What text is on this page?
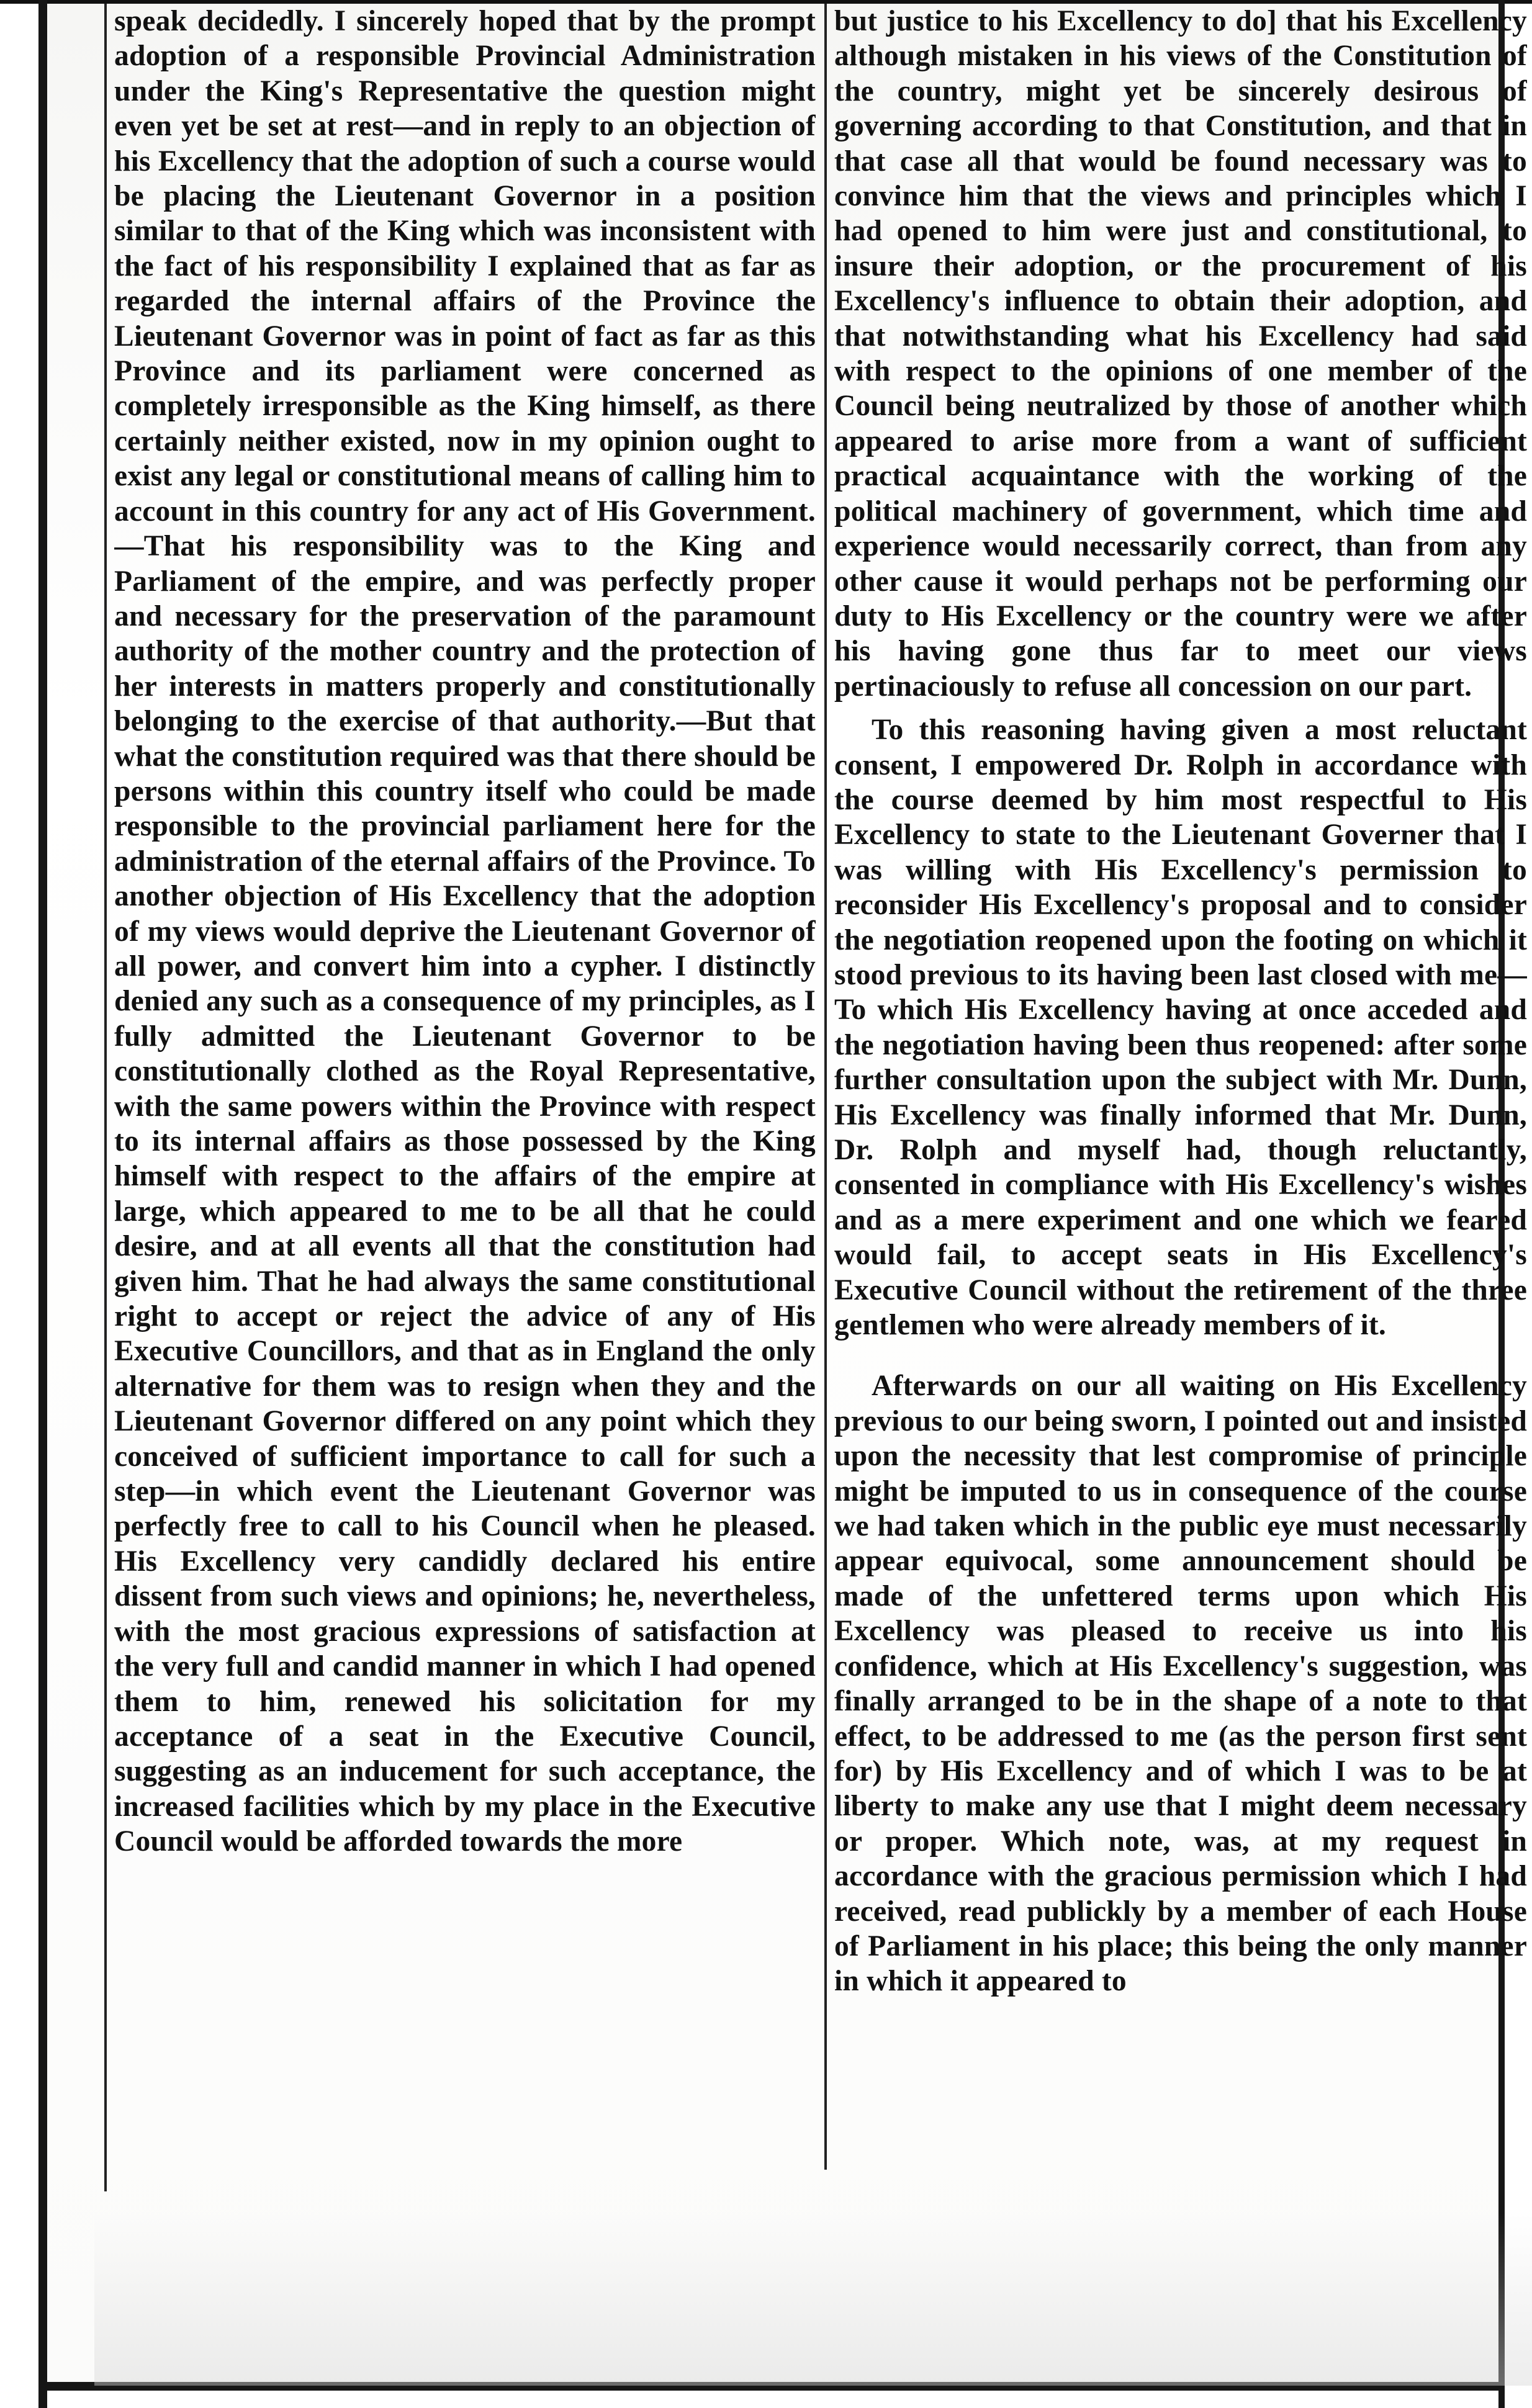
speak decidedly. I sincerely hoped that by the prompt adoption of a responsible Provincial Administration under the King's Representative the question might even yet be set at rest—and in reply to an objection of his Excellency that the adoption of such a course would be placing the Lieutenant Governor in a position similar to that of the King which was inconsistent with the fact of his responsibility I explained that as far as regarded the internal affairs of the Province the Lieutenant Governor was in point of fact as far as this Province and its parliament were concerned as completely irresponsible as the King himself, as there certainly neither existed, now in my opinion ought to exist any legal or constitutional means of calling him to account in this country for any act of His Government. —That his responsibility was to the King and Parliament of the empire, and was perfectly proper and necessary for the preservation of the paramount authority of the mother country and the protection of her interests in matters properly and constitutionally belonging to the exercise of that authority.—But that what the constitution required was that there should be persons within this country itself who could be made responsible to the provincial parliament here for the administration of the eternal affairs of the Province. To another objection of His Excellency that the adoption of my views would deprive the Lieutenant Governor of all power, and convert him into a cypher. I distinctly denied any such as a consequence of my principles, as I fully admitted the Lieutenant Governor to be constitutionally clothed as the Royal Representative, with the same powers within the Province with respect to its internal affairs as those possessed by the King himself with respect to the affairs of the empire at large, which appeared to me to be all that he could desire, and at all events all that the constitution had given him. That he had always the same constitutional right to accept or reject the advice of any of His Executive Councillors, and that as in England the only alternative for them was to resign when they and the Lieutenant Governor differed on any point which they conceived of sufficient importance to call for such a step—in which event the Lieutenant Governor was perfectly free to call to his Council when he pleased. His Excellency very candidly declared his entire dissent from such views and opinions; he, nevertheless, with the most gracious expressions of satisfaction at the very full and candid manner in which I had opened them to him, renewed his solicitation for my acceptance of a seat in the Executive Council, suggesting as an inducement for such acceptance, the increased facilities which by my place in the Executive Council would be afforded towards the more

but justice to his Excellency to do] that his Excellency although mistaken in his views of the Constitution of the country, might yet be sincerely desirous of governing according to that Constitution, and that in that case all that would be found necessary was to convince him that the views and principles which I had opened to him were just and constitutional, to insure their adoption, or the procurement of his Excellency's influence to obtain their adoption, and that notwithstanding what his Excellency had said with respect to the opinions of one member of the Council being neutralized by those of another which appeared to arise more from a want of sufficient practical acquaintance with the working of the political machinery of government, which time and experience would necessarily correct, than from any other cause it would perhaps not be performing our duty to His Excellency or the country were we after his having gone thus far to meet our views pertinaciously to refuse all concession on our part.

To this reasoning having given a most reluctant consent, I empowered Dr. Rolph in accordance with the course deemed by him most respectful to His Excellency to state to the Lieutenant Governer that I was willing with His Excellency's permission to reconsider His Excellency's proposal and to consider the negotiation reopened upon the footing on which it stood previous to its having been last closed with me—To which His Excellency having at once acceded and the negotiation having been thus reopened: after some further consultation upon the subject with Mr. Dunn, His Excellency was finally informed that Mr. Dunn, Dr. Rolph and myself had, though reluctantly, consented in compliance with His Excellency's wishes and as a mere experiment and one which we feared would fail, to accept seats in His Excellency's Executive Council without the retirement of the three gentlemen who were already members of it.

Afterwards on our all waiting on His Excellency previous to our being sworn, I pointed out and insisted upon the necessity that lest compromise of principle might be imputed to us in consequence of the course we had taken which in the public eye must necessarily appear equivocal, some announcement should be made of the unfettered terms upon which His Excellency was pleased to receive us into his confidence, which at His Excellency's suggestion, was finally arranged to be in the shape of a note to that effect, to be addressed to me (as the person first sent for) by His Excellency and of which I was to be at liberty to make any use that I might deem necessary or proper. Which note, was, at my request in accordance with the gracious permission which I had received, read publickly by a member of each House of Parliament in his place; this being the only manner in which it appeared to
